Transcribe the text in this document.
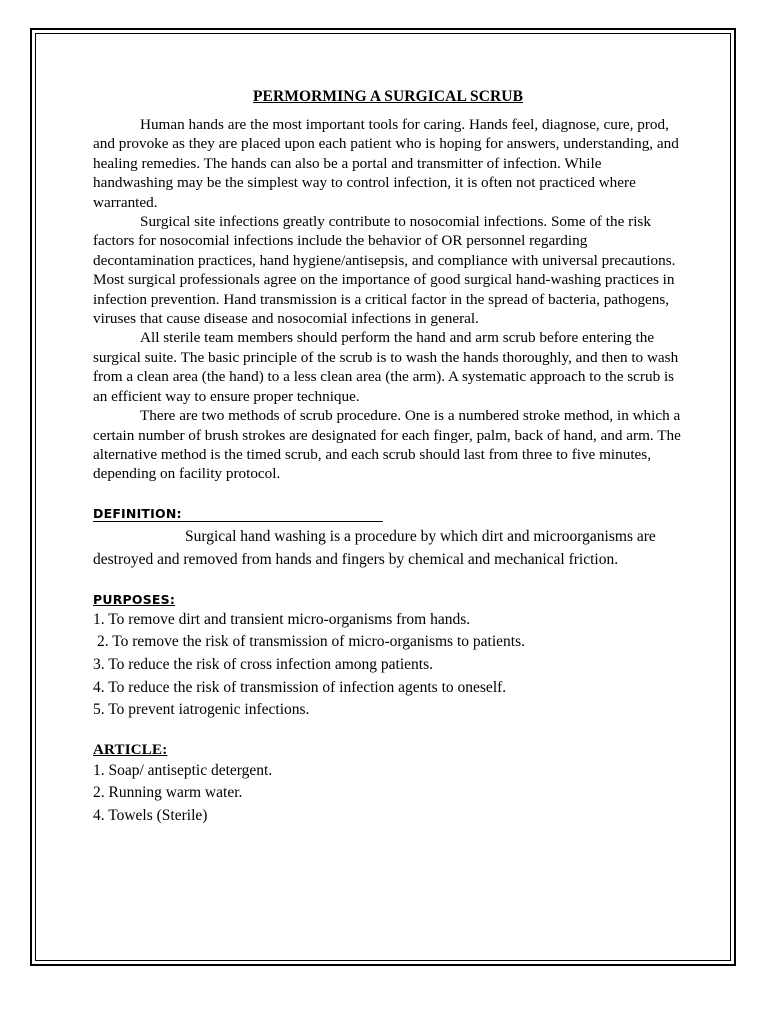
PERMORMING A SURGICAL SCRUB

Human hands are the most important tools for caring. Hands feel, diagnose, cure, prod, and provoke as they are placed upon each patient who is hoping for answers, understanding, and healing remedies. The hands can also be a portal and transmitter of infection. While handwashing may be the simplest way to control infection, it is often not practiced where warranted.

Surgical site infections greatly contribute to nosocomial infections. Some of the risk factors for nosocomial infections include the behavior of OR personnel regarding decontamination practices, hand hygiene/antisepsis, and compliance with universal precautions. Most surgical professionals agree on the importance of good surgical hand-washing practices in infection prevention. Hand transmission is a critical factor in the spread of bacteria, pathogens, viruses that cause disease and nosocomial infections in general.

All sterile team members should perform the hand and arm scrub before entering the surgical suite. The basic principle of the scrub is to wash the hands thoroughly, and then to wash from a clean area (the hand) to a less clean area (the arm). A systematic approach to the scrub is an efficient way to ensure proper technique.

There are two methods of scrub procedure. One is a numbered stroke method, in which a certain number of brush strokes are designated for each finger, palm, back of hand, and arm. The alternative method is the timed scrub, and each scrub should last from three to five minutes, depending on facility protocol.

DEFINITION:

Surgical hand washing is a procedure by which dirt and microorganisms are destroyed and removed from hands and fingers by chemical and mechanical friction.

PURPOSES:
1. To remove dirt and transient micro-organisms from hands.
2. To remove the risk of transmission of micro-organisms to patients.
3. To reduce the risk of cross infection among patients.
4. To reduce the risk of transmission of infection agents to oneself.
5. To prevent iatrogenic infections.
ARTICLE:
1. Soap/ antiseptic detergent.
2. Running warm water.
4. Towels (Sterile)
